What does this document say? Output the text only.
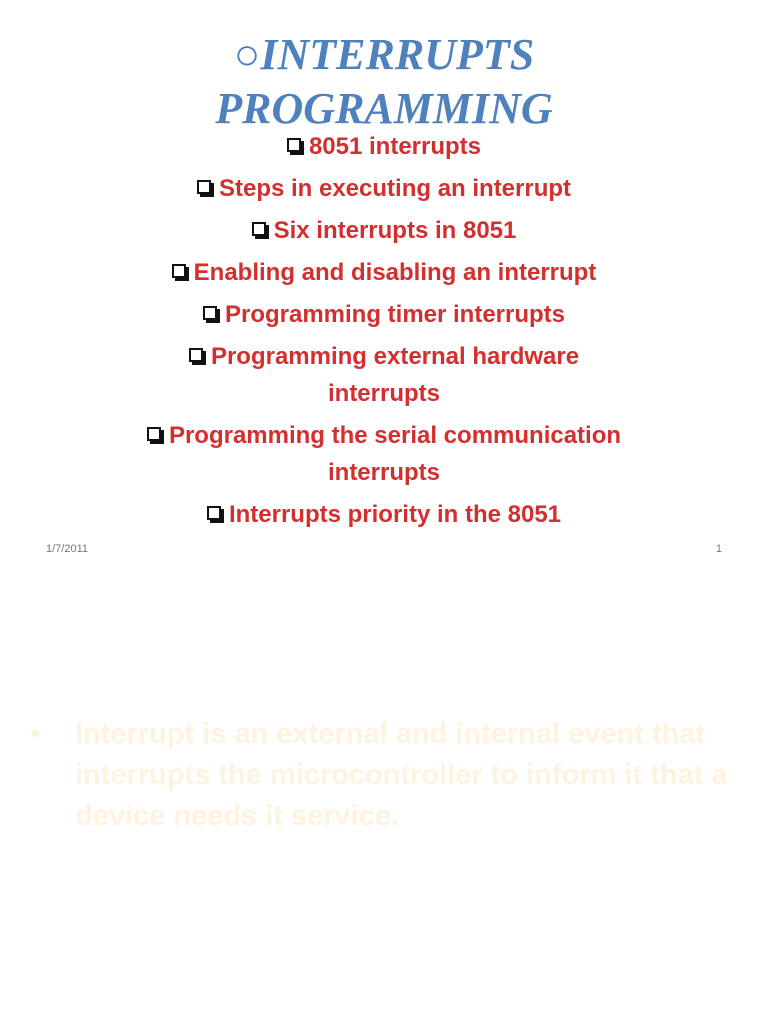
○INTERRUPTS
PROGRAMMING
8051 interrupts
Steps in executing an interrupt
Six interrupts in 8051
Enabling and disabling an interrupt
Programming timer interrupts
Programming external hardware
interrupts
Programming the serial communication
interrupts
Interrupts priority in the 8051
1/7/2011	1
•	Interrupt is an external and internal event that interrupts the microcontroller to inform it that a device needs it service.
